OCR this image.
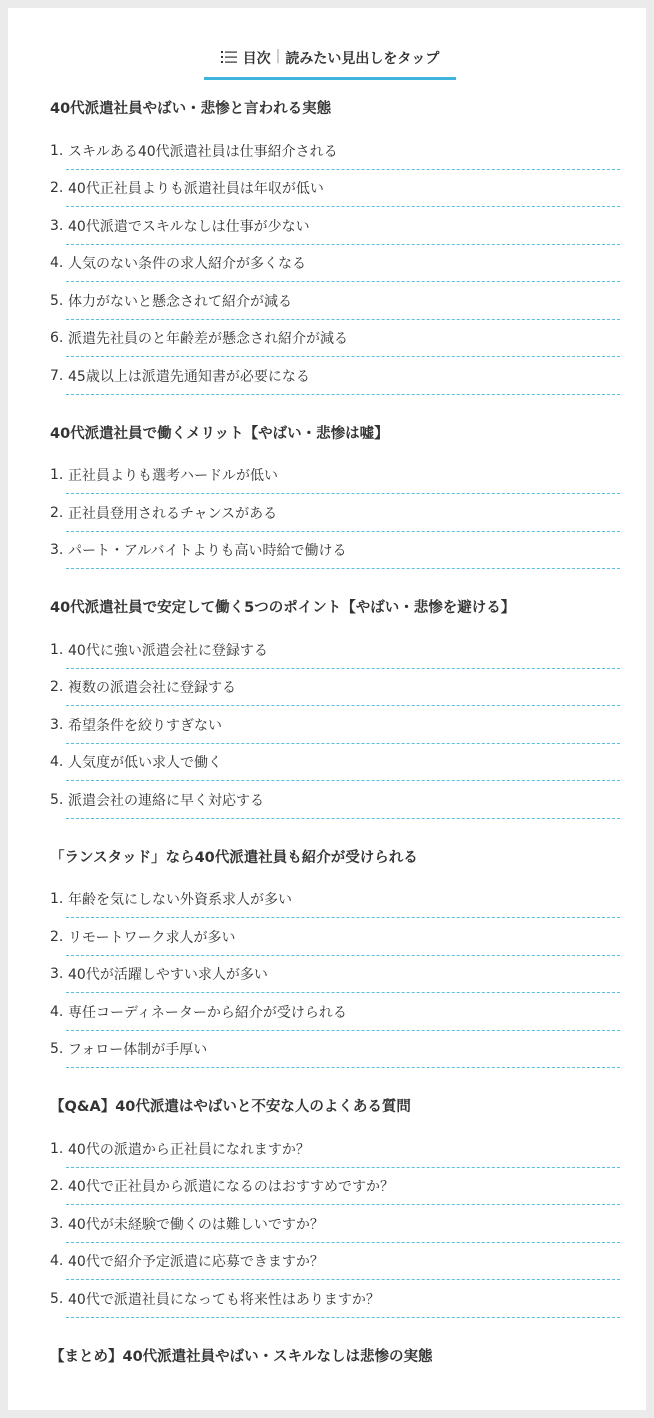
目次 | 読みたい見出しをタップ
40代派遣社員やばい・悲惨と言われる実態
1. スキルある40代派遣社員は仕事紹介される
2. 40代正社員よりも派遣社員は年収が低い
3. 40代派遣でスキルなしは仕事が少ない
4. 人気のない条件の求人紹介が多くなる
5. 体力がないと懸念されて紹介が減る
6. 派遣先社員のと年齢差が懸念され紹介が減る
7. 45歳以上は派遣先通知書が必要になる
40代派遣社員で働くメリット【やばい・悲惨は嘘】
1. 正社員よりも選考ハードルが低い
2. 正社員登用されるチャンスがある
3. パート・アルバイトよりも高い時給で働ける
40代派遣社員で安定して働く5つのポイント【やばい・悲惨を避ける】
1. 40代に強い派遣会社に登録する
2. 複数の派遣会社に登録する
3. 希望条件を絞りすぎない
4. 人気度が低い求人で働く
5. 派遣会社の連絡に早く対応する
「ランスタッド」なら40代派遣社員も紹介が受けられる
1. 年齢を気にしない外資系求人が多い
2. リモートワーク求人が多い
3. 40代が活躍しやすい求人が多い
4. 専任コーディネーターから紹介が受けられる
5. フォロー体制が手厚い
【Q&A】40代派遣はやばいと不安な人のよくある質問
1. 40代の派遣から正社員になれますか？
2. 40代で正社員から派遣になるのはおすすめですか？
3. 40代が未経験で働くのは難しいですか？
4. 40代で紹介予定派遣に応募できますか？
5. 40代で派遣社員になっても将来性はありますか？
【まとめ】40代派遣社員やばい・スキルなしは悲惨の実態
